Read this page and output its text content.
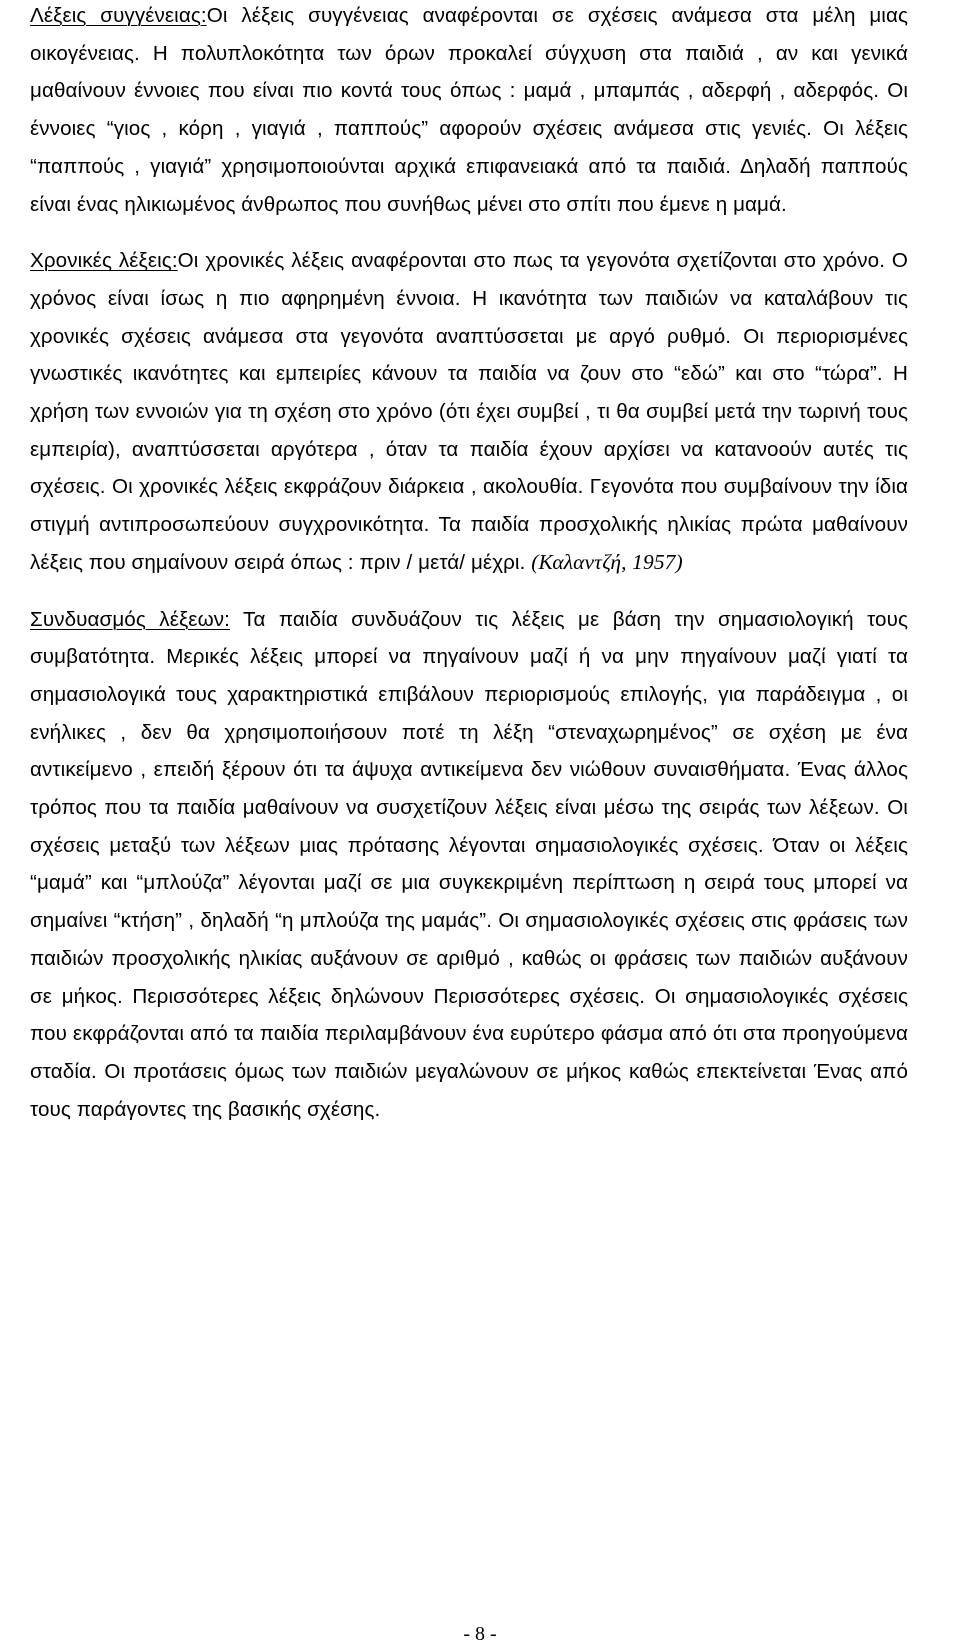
Λέξεις συγγένειας:Οι λέξεις συγγένειας αναφέρονται σε σχέσεις ανάμεσα στα μέλη μιας οικογένειας. Η πολυπλοκότητα των όρων προκαλεί σύγχυση στα παιδιά , αν και γενικά μαθαίνουν έννοιες που είναι πιο κοντά τους όπως : μαμά , μπαμπάς , αδερφή , αδερφός. Οι έννοιες “γιος , κόρη , γιαγιά , παππούς” αφορούν σχέσεις ανάμεσα στις γενιές. Οι λέξεις “παππούς , γιαγιά” χρησιμοποιούνται αρχικά επιφανειακά από τα παιδιά. Δηλαδή παππούς είναι ένας ηλικιωμένος άνθρωπος που συνήθως μένει στο σπίτι που έμενε η μαμά.

Χρονικές λέξεις:Οι χρονικές λέξεις αναφέρονται στο πως τα γεγονότα σχετίζονται στο χρόνο. Ο χρόνος είναι ίσως η πιο αφηρημένη έννοια. Η ικανότητα των παιδιών να καταλάβουν τις χρονικές σχέσεις ανάμεσα στα γεγονότα αναπτύσσεται με αργό ρυθμό. Οι περιορισμένες γνωστικές ικανότητες και εμπειρίες κάνουν τα παιδία να ζουν στο “εδώ” και στο “τώρα”. Η χρήση των εννοιών για τη σχέση στο χρόνο (ότι έχει συμβεί , τι θα συμβεί μετά την τωρινή τους εμπειρία), αναπτύσσεται αργότερα , όταν τα παιδία έχουν αρχίσει να κατανοούν αυτές τις σχέσεις. Οι χρονικές λέξεις εκφράζουν διάρκεια , ακολουθία. Γεγονότα που συμβαίνουν την ίδια στιγμή αντιπροσωπεύουν συγχρονικότητα. Τα παιδία προσχολικής ηλικίας πρώτα μαθαίνουν λέξεις που σημαίνουν σειρά όπως : πριν / μετά/ μέχρι. (Καλαντζή, 1957)

Συνδυασμός λέξεων: Τα παιδία συνδυάζουν τις λέξεις με βάση την σημασιολογική τους συμβατότητα. Μερικές λέξεις μπορεί να πηγαίνουν μαζί ή να μην πηγαίνουν μαζί γιατί τα σημασιολογικά τους χαρακτηριστικά επιβάλουν περιορισμούς επιλογής, για παράδειγμα , οι ενήλικες , δεν θα χρησιμοποιήσουν ποτέ τη λέξη “στεναχωρημένος” σε σχέση με ένα αντικείμενο , επειδή ξέρουν ότι τα άψυχα αντικείμενα δεν νιώθουν συναισθήματα. Ένας άλλος τρόπος που τα παιδία μαθαίνουν να συσχετίζουν λέξεις είναι μέσω της σειράς των λέξεων. Οι σχέσεις μεταξύ των λέξεων μιας πρότασης λέγονται σημασιολογικές σχέσεις. Όταν οι λέξεις “μαμά” και “μπλούζα” λέγονται μαζί σε μια συγκεκριμένη περίπτωση η σειρά τους μπορεί να σημαίνει “κτήση” , δηλαδή “η μπλούζα της μαμάς”. Οι σημασιολογικές σχέσεις στις φράσεις των παιδιών προσχολικής ηλικίας αυξάνουν σε αριθμό , καθώς οι φράσεις των παιδιών αυξάνουν σε μήκος. Περισσότερες λέξεις δηλώνουν Περισσότερες σχέσεις. Οι σημασιολογικές σχέσεις που εκφράζονται από τα παιδία περιλαμβάνουν ένα ευρύτερο φάσμα από ότι στα προηγούμενα σταδία. Οι προτάσεις όμως των παιδιών μεγαλώνουν σε μήκος καθώς επεκτείνεται Ένας από τους παράγοντες της βασικής σχέσης.

- 8 -
